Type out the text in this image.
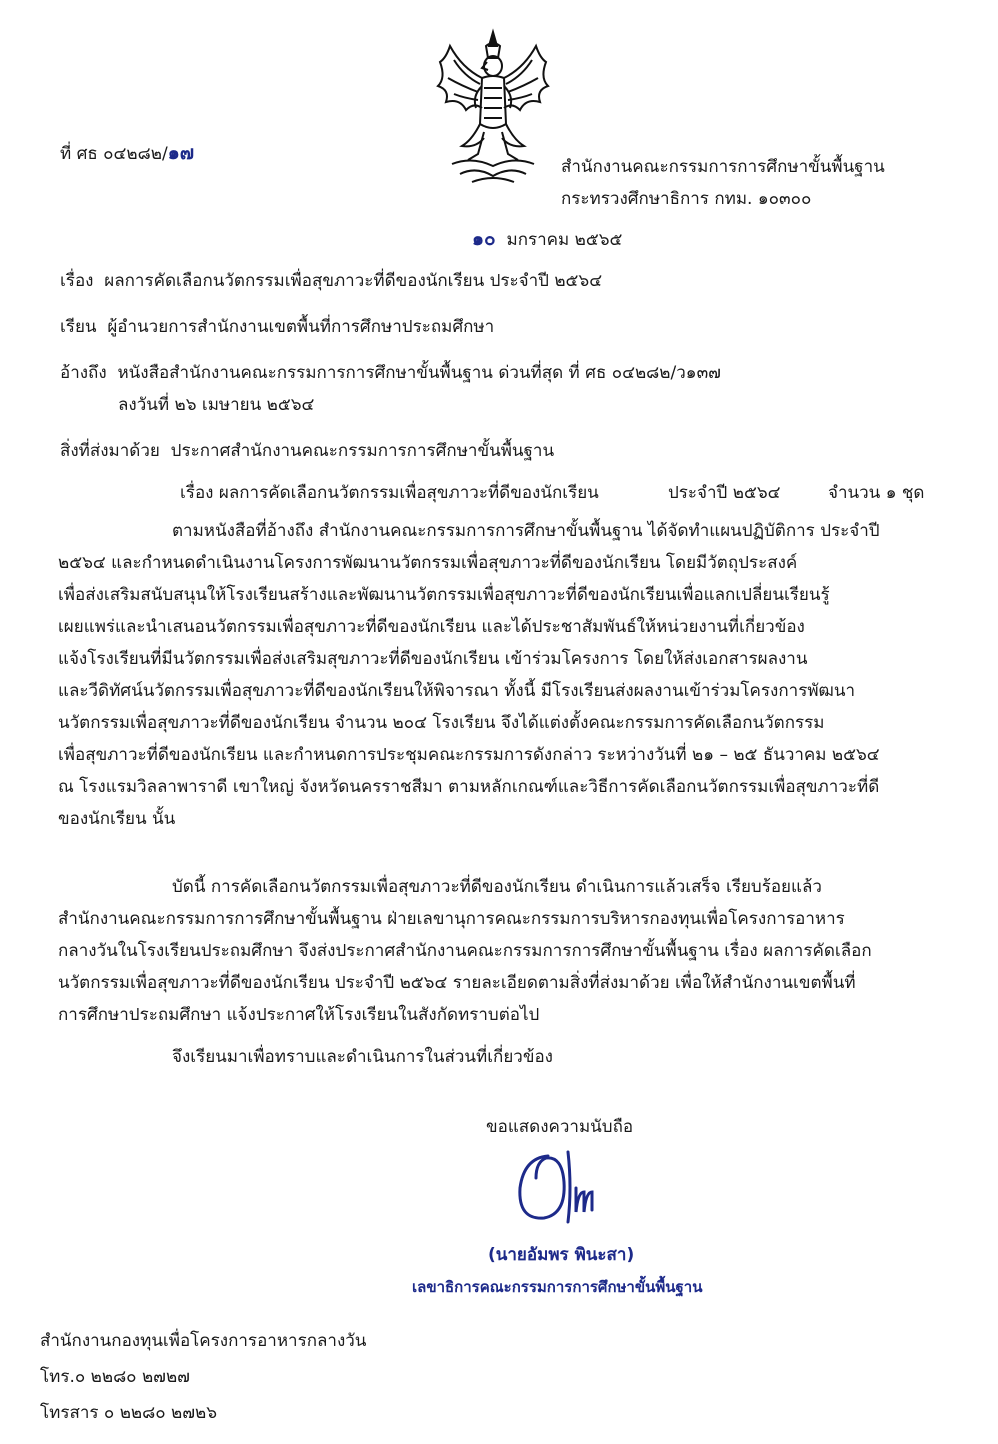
ที่ ศธ ๐๔๒๘๒/๑๗
สำนักงานคณะกรรมการการศึกษาขั้นพื้นฐาน
กระทรวงศึกษาธิการ กทม. ๑๐๓๐๐
๑๐ มกราคม ๒๕๖๕
เรื่อง ผลการคัดเลือกนวัตกรรมเพื่อสุขภาวะที่ดีของนักเรียน ประจำปี ๒๕๖๔
เรียน ผู้อำนวยการสำนักงานเขตพื้นที่การศึกษาประถมศึกษา
อ้างถึง หนังสือสำนักงานคณะกรรมการการศึกษาขั้นพื้นฐาน ด่วนที่สุด ที่ ศธ ๐๔๒๘๒/ว๑๓๗
ลงวันที่ ๒๖ เมษายน ๒๕๖๔
สิ่งที่ส่งมาด้วย ประกาศสำนักงานคณะกรรมการการศึกษาขั้นพื้นฐาน
เรื่อง ผลการคัดเลือกนวัตกรรมเพื่อสุขภาวะที่ดีของนักเรียน	ประจำปี ๒๕๖๔	จำนวน ๑ ชุด
ตามหนังสือที่อ้างถึง สำนักงานคณะกรรมการการศึกษาขั้นพื้นฐาน ได้จัดทำแผนปฏิบัติการ ประจำปี
๒๕๖๔ และกำหนดดำเนินงานโครงการพัฒนานวัตกรรมเพื่อสุขภาวะที่ดีของนักเรียน โดยมีวัตถุประสงค์
เพื่อส่งเสริมสนับสนุนให้โรงเรียนสร้างและพัฒนานวัตกรรมเพื่อสุขภาวะที่ดีของนักเรียนเพื่อแลกเปลี่ยนเรียนรู้
เผยแพร่และนำเสนอนวัตกรรมเพื่อสุขภาวะที่ดีของนักเรียน และได้ประชาสัมพันธ์ให้หน่วยงานที่เกี่ยวข้อง
แจ้งโรงเรียนที่มีนวัตกรรมเพื่อส่งเสริมสุขภาวะที่ดีของนักเรียน เข้าร่วมโครงการ โดยให้ส่งเอกสารผลงาน
และวีดิทัศน์นวัตกรรมเพื่อสุขภาวะที่ดีของนักเรียนให้พิจารณา ทั้งนี้ มีโรงเรียนส่งผลงานเข้าร่วมโครงการพัฒนา
นวัตกรรมเพื่อสุขภาวะที่ดีของนักเรียน จำนวน ๒๐๔ โรงเรียน จึงได้แต่งตั้งคณะกรรมการคัดเลือกนวัตกรรม
เพื่อสุขภาวะที่ดีของนักเรียน และกำหนดการประชุมคณะกรรมการดังกล่าว ระหว่างวันที่ ๒๑ – ๒๕ ธันวาคม ๒๕๖๔
ณ โรงแรมวิลลาพาราดี เขาใหญ่ จังหวัดนครราชสีมา ตามหลักเกณฑ์และวิธีการคัดเลือกนวัตกรรมเพื่อสุขภาวะที่ดี
ของนักเรียน นั้น
บัดนี้ การคัดเลือกนวัตกรรมเพื่อสุขภาวะที่ดีของนักเรียน ดำเนินการแล้วเสร็จ เรียบร้อยแล้ว
สำนักงานคณะกรรมการการศึกษาขั้นพื้นฐาน ฝ่ายเลขานุการคณะกรรมการบริหารกองทุนเพื่อโครงการอาหาร
กลางวันในโรงเรียนประถมศึกษา จึงส่งประกาศสำนักงานคณะกรรมการการศึกษาขั้นพื้นฐาน เรื่อง ผลการคัดเลือก
นวัตกรรมเพื่อสุขภาวะที่ดีของนักเรียน ประจำปี ๒๕๖๔ รายละเอียดตามสิ่งที่ส่งมาด้วย เพื่อให้สำนักงานเขตพื้นที่
การศึกษาประถมศึกษา แจ้งประกาศให้โรงเรียนในสังกัดทราบต่อไป
จึงเรียนมาเพื่อทราบและดำเนินการในส่วนที่เกี่ยวข้อง
ขอแสดงความนับถือ
(นายอัมพร พินะสา)
เลขาธิการคณะกรรมการการศึกษาขั้นพื้นฐาน
สำนักงานกองทุนเพื่อโครงการอาหารกลางวัน
โทร.๐ ๒๒๘๐ ๒๗๒๗
โทรสาร ๐ ๒๒๘๐ ๒๗๒๖
